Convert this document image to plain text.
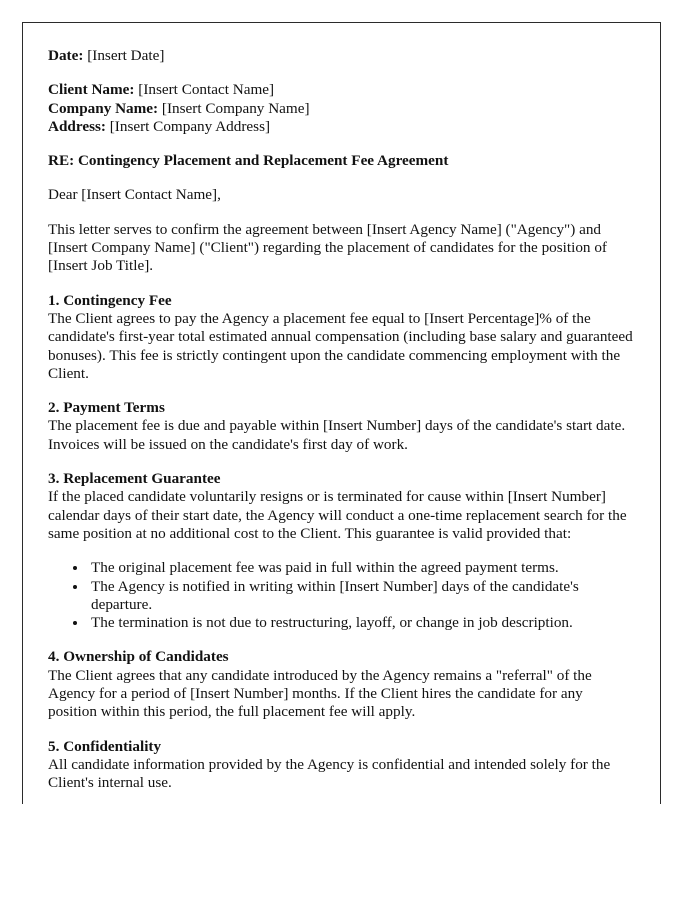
Date: [Insert Date]
Client Name: [Insert Contact Name]
Company Name: [Insert Company Name]
Address: [Insert Company Address]
RE: Contingency Placement and Replacement Fee Agreement
Dear [Insert Contact Name],
This letter serves to confirm the agreement between [Insert Agency Name] ("Agency") and [Insert Company Name] ("Client") regarding the placement of candidates for the position of [Insert Job Title].
1. Contingency Fee
The Client agrees to pay the Agency a placement fee equal to [Insert Percentage]% of the candidate's first-year total estimated annual compensation (including base salary and guaranteed bonuses). This fee is strictly contingent upon the candidate commencing employment with the Client.
2. Payment Terms
The placement fee is due and payable within [Insert Number] days of the candidate's start date. Invoices will be issued on the candidate's first day of work.
3. Replacement Guarantee
If the placed candidate voluntarily resigns or is terminated for cause within [Insert Number] calendar days of their start date, the Agency will conduct a one-time replacement search for the same position at no additional cost to the Client. This guarantee is valid provided that:
• The original placement fee was paid in full within the agreed payment terms.
• The Agency is notified in writing within [Insert Number] days of the candidate's departure.
• The termination is not due to restructuring, layoff, or change in job description.
4. Ownership of Candidates
The Client agrees that any candidate introduced by the Agency remains a "referral" of the Agency for a period of [Insert Number] months. If the Client hires the candidate for any position within this period, the full placement fee will apply.
5. Confidentiality
All candidate information provided by the Agency is confidential and intended solely for the Client's internal use.
